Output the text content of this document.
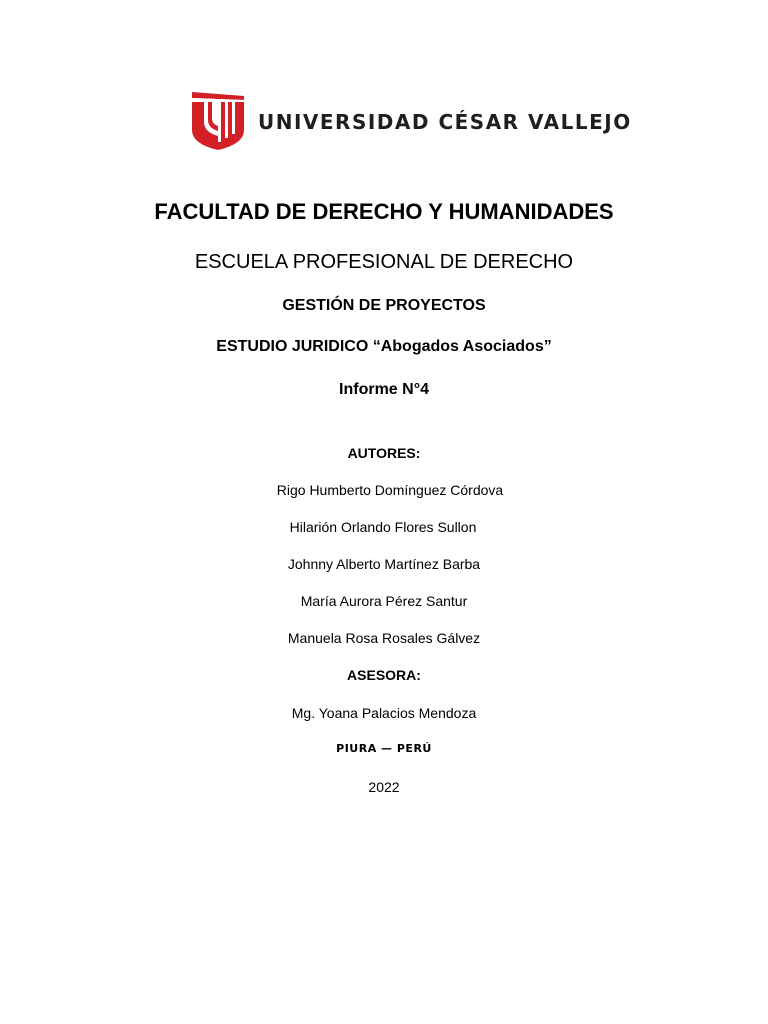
UNIVERSIDAD CÉSAR VALLEJO
FACULTAD DE DERECHO Y HUMANIDADES
ESCUELA PROFESIONAL DE DERECHO
GESTIÓN DE PROYECTOS
ESTUDIO JURIDICO “Abogados Asociados”
Informe N°4
AUTORES:
Rigo Humberto Domínguez Córdova
Hilarión Orlando Flores Sullon
Johnny Alberto Martínez Barba
María Aurora Pérez Santur
Manuela Rosa Rosales Gálvez
ASESORA:
Mg. Yoana Palacios Mendoza
PIURA — PERÚ
2022
